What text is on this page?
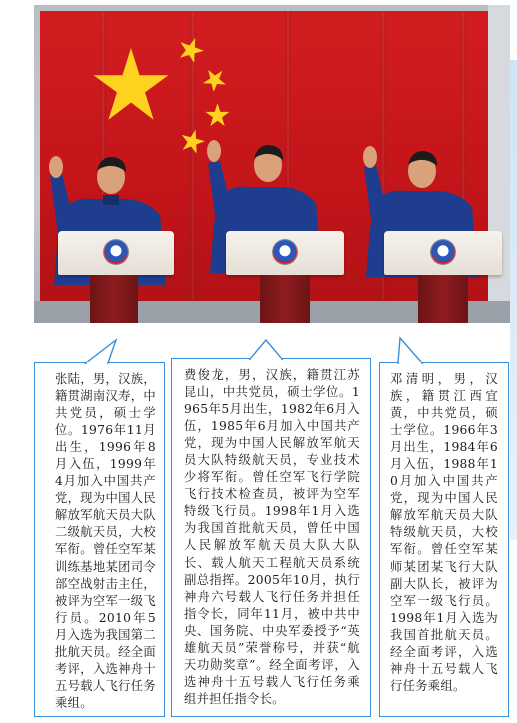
张陆，男，汉族，籍贯湖南汉寿，中共党员，硕士学位。1976年11月出生，1996年8月入伍，1999年4月加入中国共产党，现为中国人民解放军航天员大队二级航天员，大校军衔。曾任空军某训练基地某团司令部空战射击主任，被评为空军一级飞行员。2010年5月入选为我国第二批航天员。经全面考评，入选神舟十五号载人飞行任务乘组。
费俊龙，男，汉族，籍贯江苏昆山，中共党员，硕士学位。1965年5月出生，1982年6月入伍，1985年6月加入中国共产党，现为中国人民解放军航天员大队特级航天员，专业技术少将军衔。曾任空军飞行学院飞行技术检查员，被评为空军特级飞行员。1998年1月入选为我国首批航天员，曾任中国人民解放军航天员大队大队长、载人航天工程航天员系统副总指挥。2005年10月，执行神舟六号载人飞行任务并担任指令长，同年11月，被中共中央、国务院、中央军委授予“英雄航天员”荣誉称号，并获“航天功勋奖章”。经全面考评，入选神舟十五号载人飞行任务乘组并担任指令长。
邓清明，男，汉族，籍贯江西宜黄，中共党员，硕士学位。1966年3月出生，1984年6月入伍，1988年10月加入中国共产党，现为中国人民解放军航天员大队特级航天员，大校军衔。曾任空军某师某团某飞行大队副大队长，被评为空军一级飞行员。1998年1月入选为我国首批航天员。经全面考评，入选神舟十五号载人飞行任务乘组。
